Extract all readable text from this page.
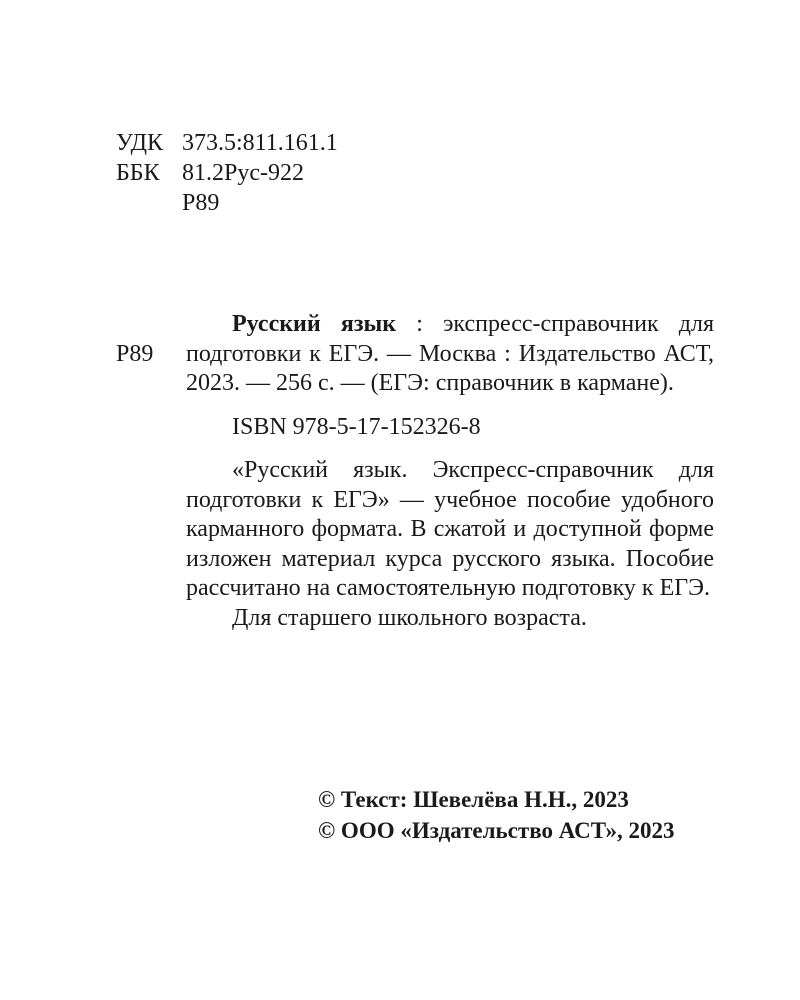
УДК 373.5:811.161.1
ББК 81.2Рус-922
Р89
Р89

Русский язык : экспресс-справочник для подготовки к ЕГЭ. — Москва : Издательство АСТ, 2023. — 256 с. — (ЕГЭ: справочник в кармане).

ISBN 978-5-17-152326-8

«Русский язык. Экспресс-справочник для подготовки к ЕГЭ» — учебное пособие удобного карманного формата. В сжатой и доступной форме изложен материал курса русского языка. Пособие рассчитано на самостоятельную подготовку к ЕГЭ.

Для старшего школьного возраста.

© Текст: Шевелёва Н.Н., 2023
© ООО «Издательство АСТ», 2023
